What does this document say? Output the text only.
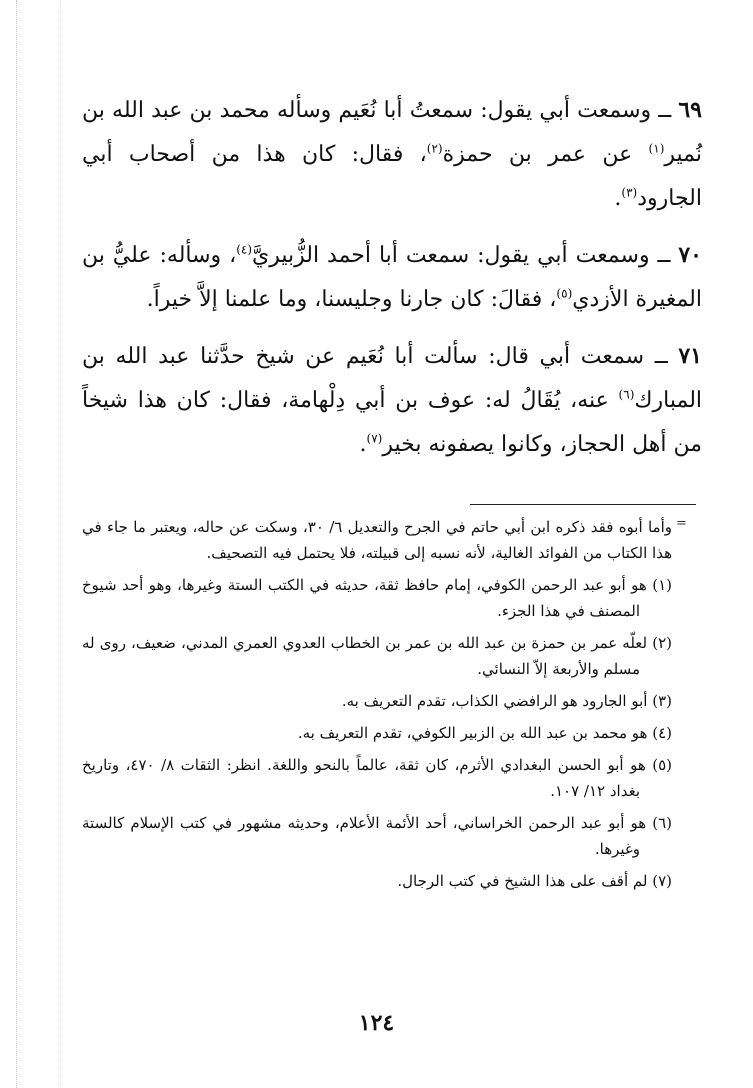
٦٩ ــ وسمعت أبي يقول: سمعتُ أبا نُعَيم وسأله محمد بن عبد الله بن نُمير$^{(١)}$ عن عمر بن حمزة$^{(٢)}$، فقال: كان هذا من أصحاب أبي الجارود$^{(٣)}$.

٧٠ ــ وسمعت أبي يقول: سمعت أبا أحمد الزُّبيريَّ$^{(٤)}$، وسأله: عليُّ بن المغيرة الأزدي$^{(٥)}$، فقالَ: كان جارنا وجليسنا، وما علمنا إلاَّ خيراً.

٧١ ــ سمعت أبي قال: سألت أبا نُعَيم عن شيخ حدَّثنا عبد الله بن المبارك$^{(٦)}$ عنه، يُقَالُ له: عوف بن أبي دِلْهامة، فقال: كان هذا شيخاً من أهل الحجاز، وكانوا يصفونه بخير$^{(٧)}$.

=

وأما أبوه فقد ذكره ابن أبي حاتم في الجرح والتعديل ٦/ ٣٠، وسكت عن حاله، ويعتبر ما جاء في هذا الكتاب من الفوائد الغالية، لأنه نسبه إلى قبيلته، فلا يحتمل فيه التصحيف.

(١) هو أبو عبد الرحمن الكوفي، إمام حافظ ثقة، حديثه في الكتب الستة وغيرها، وهو أحد شيوخ المصنف في هذا الجزء.

(٢) لعلّه عمر بن حمزة بن عبد الله بن عمر بن الخطاب العدوي العمري المدني، ضعيف، روى له مسلم والأربعة إلاّ النسائي.

(٣) أبو الجارود هو الرافضي الكذاب، تقدم التعريف به.

(٤) هو محمد بن عبد الله بن الزبير الكوفي، تقدم التعريف به.

(٥) هو أبو الحسن البغدادي الأثرم، كان ثقة، عالماً بالنحو واللغة. انظر: الثقات ٨/ ٤٧٠، وتاريخ بغداد ١٢/ ١٠٧.

(٦) هو أبو عبد الرحمن الخراساني، أحد الأئمة الأعلام، وحديثه مشهور في كتب الإسلام كالستة وغيرها.

(٧) لم أقف على هذا الشيخ في كتب الرجال.

١٢٤
